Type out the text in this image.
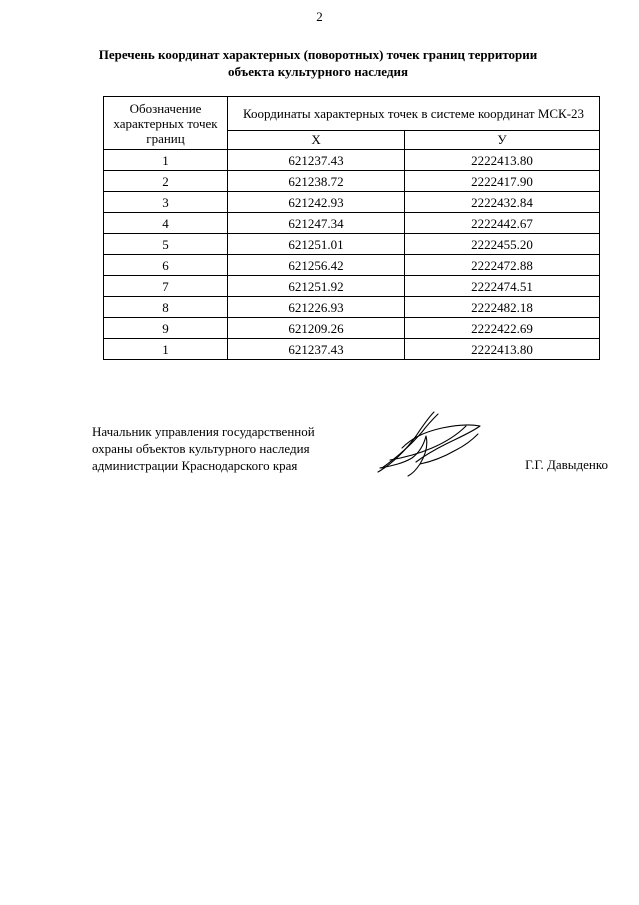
2
Перечень координат характерных (поворотных) точек границ территории
объекта культурного наследия
Обозначение характерных точек границ	Координаты характерных точек в системе координат МСК-23	
	X	У
1	621237.43	2222413.80
2	621238.72	2222417.90
3	621242.93	2222432.84
4	621247.34	2222442.67
5	621251.01	2222455.20
6	621256.42	2222472.88
7	621251.92	2222474.51
8	621226.93	2222482.18
9	621209.26	2222422.69
1	621237.43	2222413.80
Начальник управления государственной
охраны объектов культурного наследия
администрации Краснодарского края	Г.Г. Давыденко
